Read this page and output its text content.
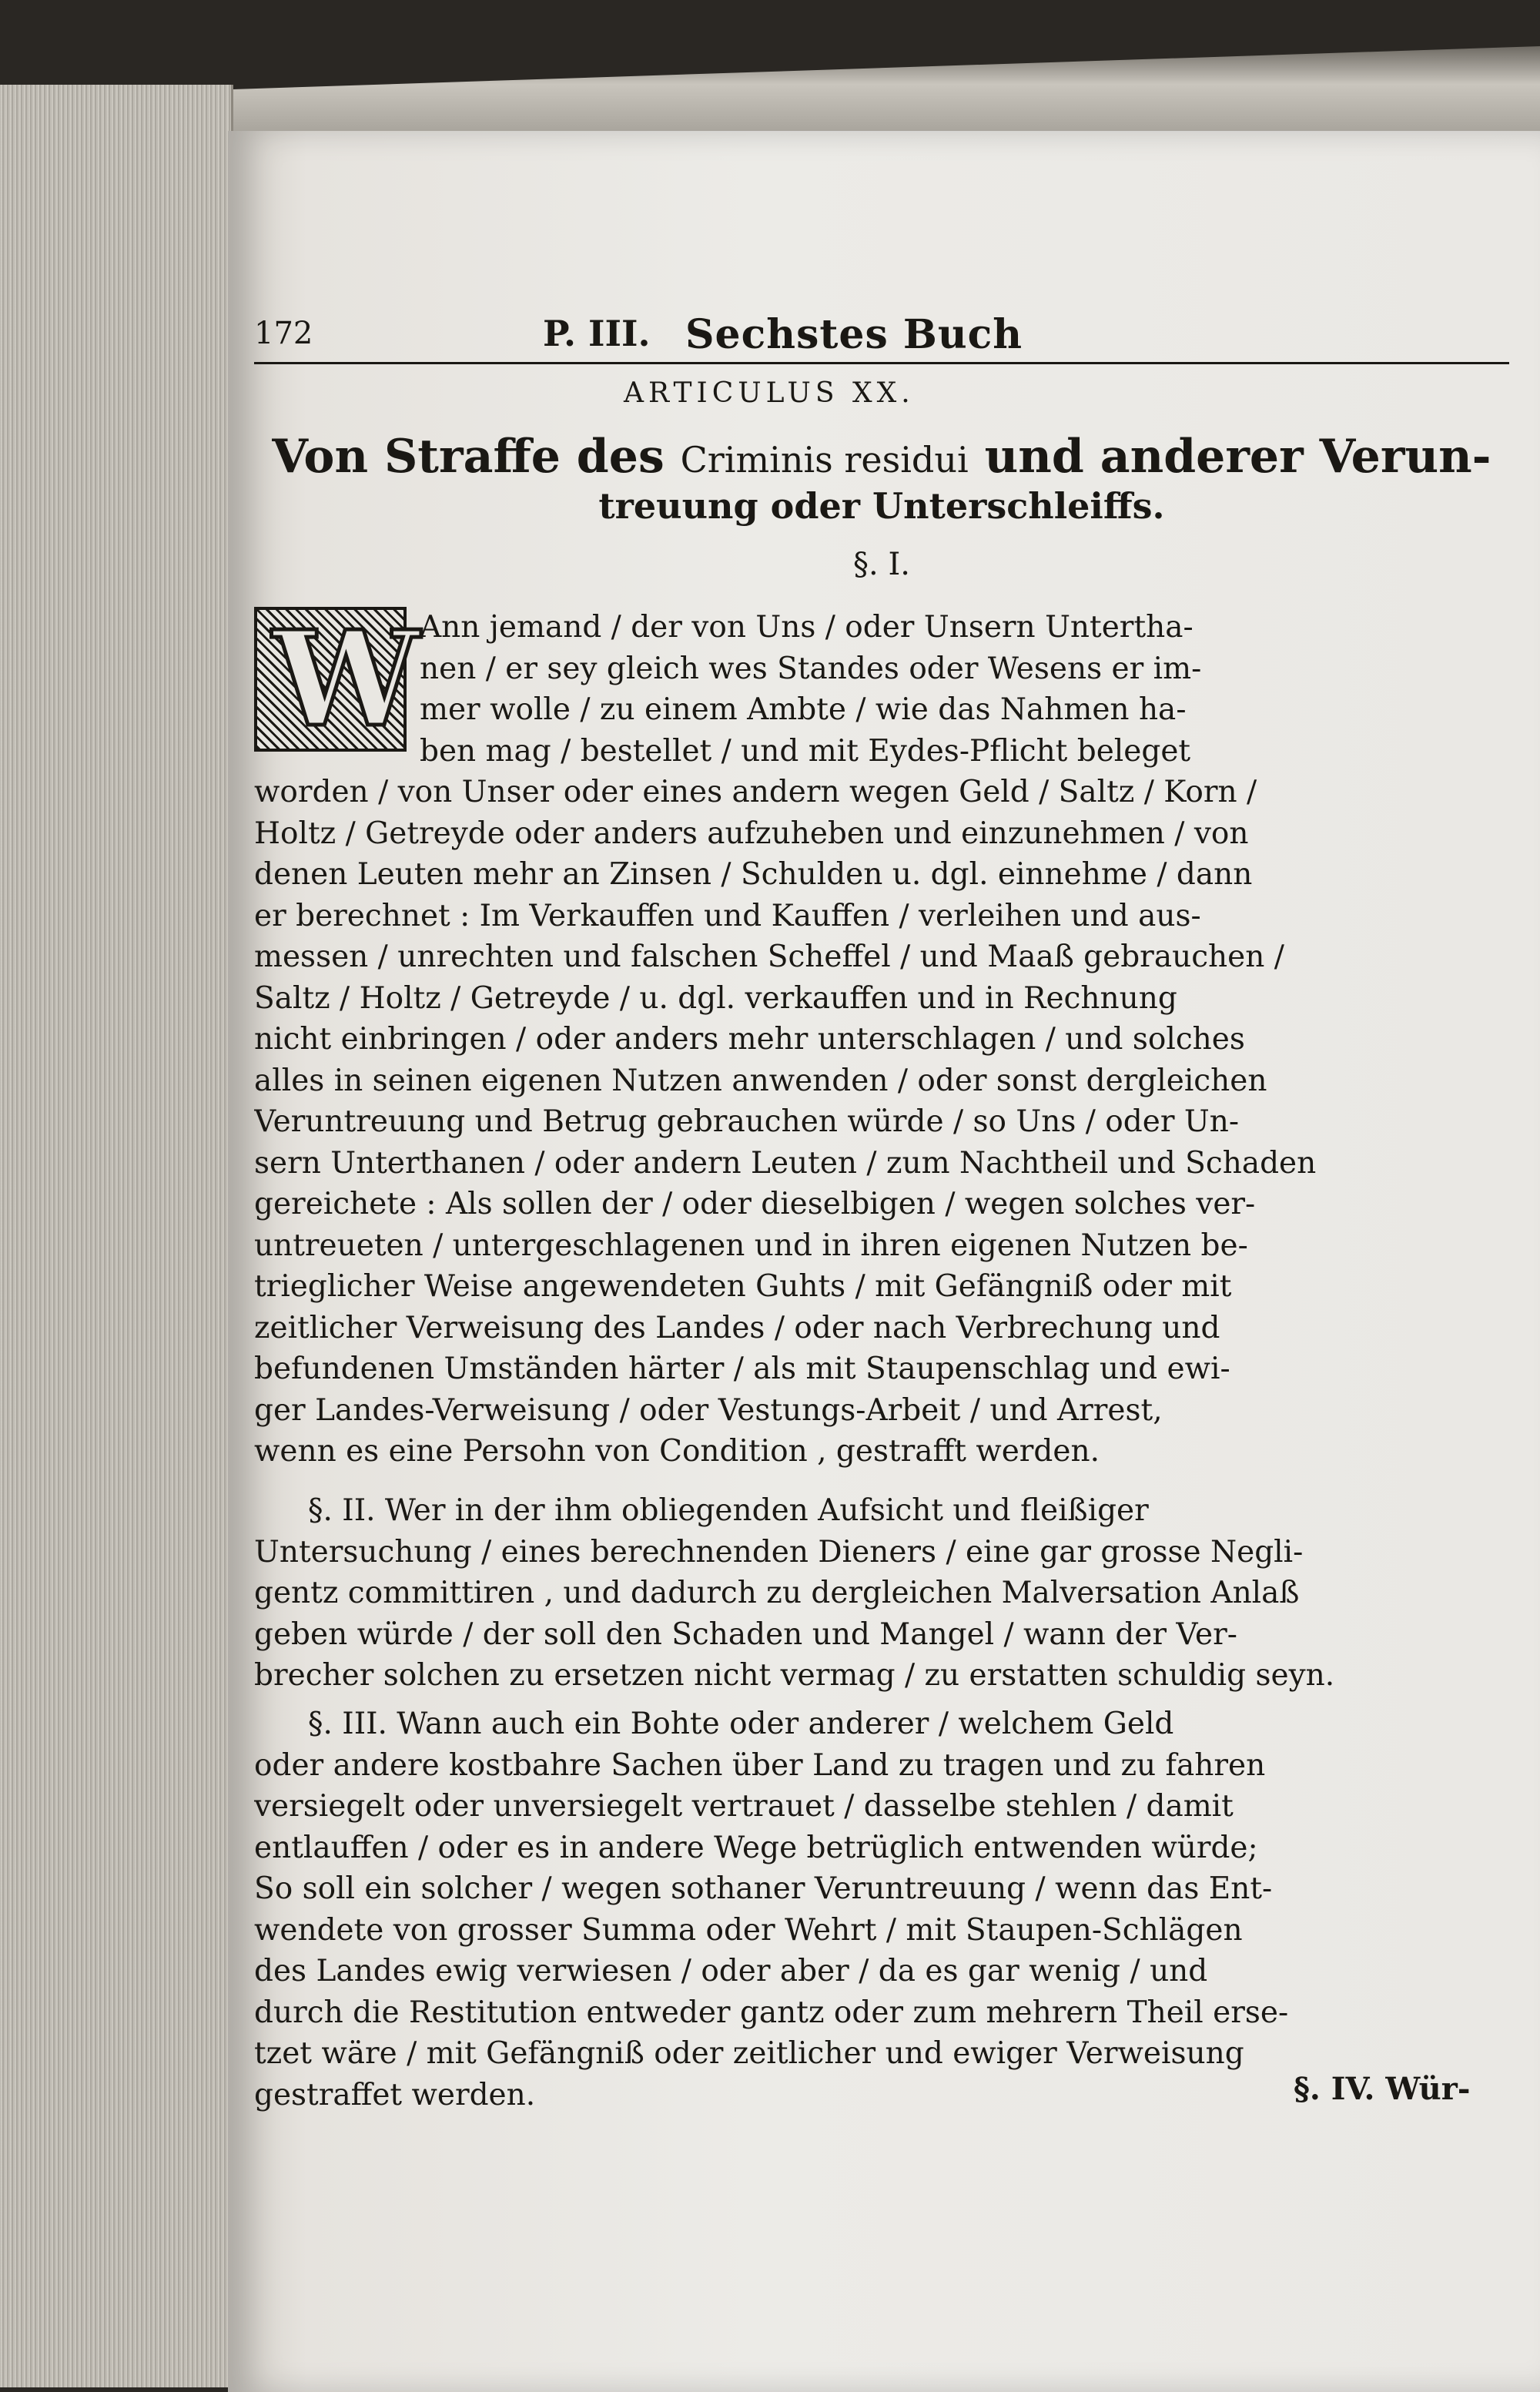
172	P. III. Sechstes Buch
ARTICULUS XX.
Von Straffe des Criminis residui und anderer Verun-
treuung oder Unterschleiffs.
§. I.
W Ann jemand / der von Uns / oder Unsern Untertha-
nen / er sey gleich wes Standes oder Wesens er im-
mer wolle / zu einem Ambte / wie das Nahmen ha-
ben mag / bestellet / und mit Eydes-Pflicht beleget
worden / von Unser oder eines andern wegen Geld / Saltz / Korn /
Holtz / Getreyde oder anders aufzuheben und einzunehmen / von
denen Leuten mehr an Zinsen / Schulden u. dgl. einnehme / dann
er berechnet : Im Verkauffen und Kauffen / verleihen und aus-
messen / unrechten und falschen Scheffel / und Maaß gebrauchen /
Saltz / Holtz / Getreyde / u. dgl. verkauffen und in Rechnung
nicht einbringen / oder anders mehr unterschlagen / und solches
alles in seinen eigenen Nutzen anwenden / oder sonst dergleichen
Veruntreuung und Betrug gebrauchen würde / so Uns / oder Un-
sern Unterthanen / oder andern Leuten / zum Nachtheil und Schaden
gereichete : Als sollen der / oder dieselbigen / wegen solches ver-
untreueten / untergeschlagenen und in ihren eigenen Nutzen be-
trieglicher Weise angewendeten Guhts / mit Gefängniß oder mit
zeitlicher Verweisung des Landes / oder nach Verbrechung und
befundenen Umständen härter / als mit Staupenschlag und ewi-
ger Landes-Verweisung / oder Vestungs-Arbeit / und Arrest,
wenn es eine Persohn von Condition , gestrafft werden.
§. II. Wer in der ihm obliegenden Aufsicht und fleißiger
Untersuchung / eines berechnenden Dieners / eine gar grosse Negli-
gentz committiren , und dadurch zu dergleichen Malversation Anlaß
geben würde / der soll den Schaden und Mangel / wann der Ver-
brecher solchen zu ersetzen nicht vermag / zu erstatten schuldig seyn.
§. III. Wann auch ein Bohte oder anderer / welchem Geld
oder andere kostbahre Sachen über Land zu tragen und zu fahren
versiegelt oder unversiegelt vertrauet / dasselbe stehlen / damit
entlauffen / oder es in andere Wege betrüglich entwenden würde;
So soll ein solcher / wegen sothaner Veruntreuung / wenn das Ent-
wendete von grosser Summa oder Wehrt / mit Staupen-Schlägen
des Landes ewig verwiesen / oder aber / da es gar wenig / und
durch die Restitution entweder gantz oder zum mehrern Theil erse-
tzet wäre / mit Gefängniß oder zeitlicher und ewiger Verweisung
gestraffet werden.	§. IV. Wür-
